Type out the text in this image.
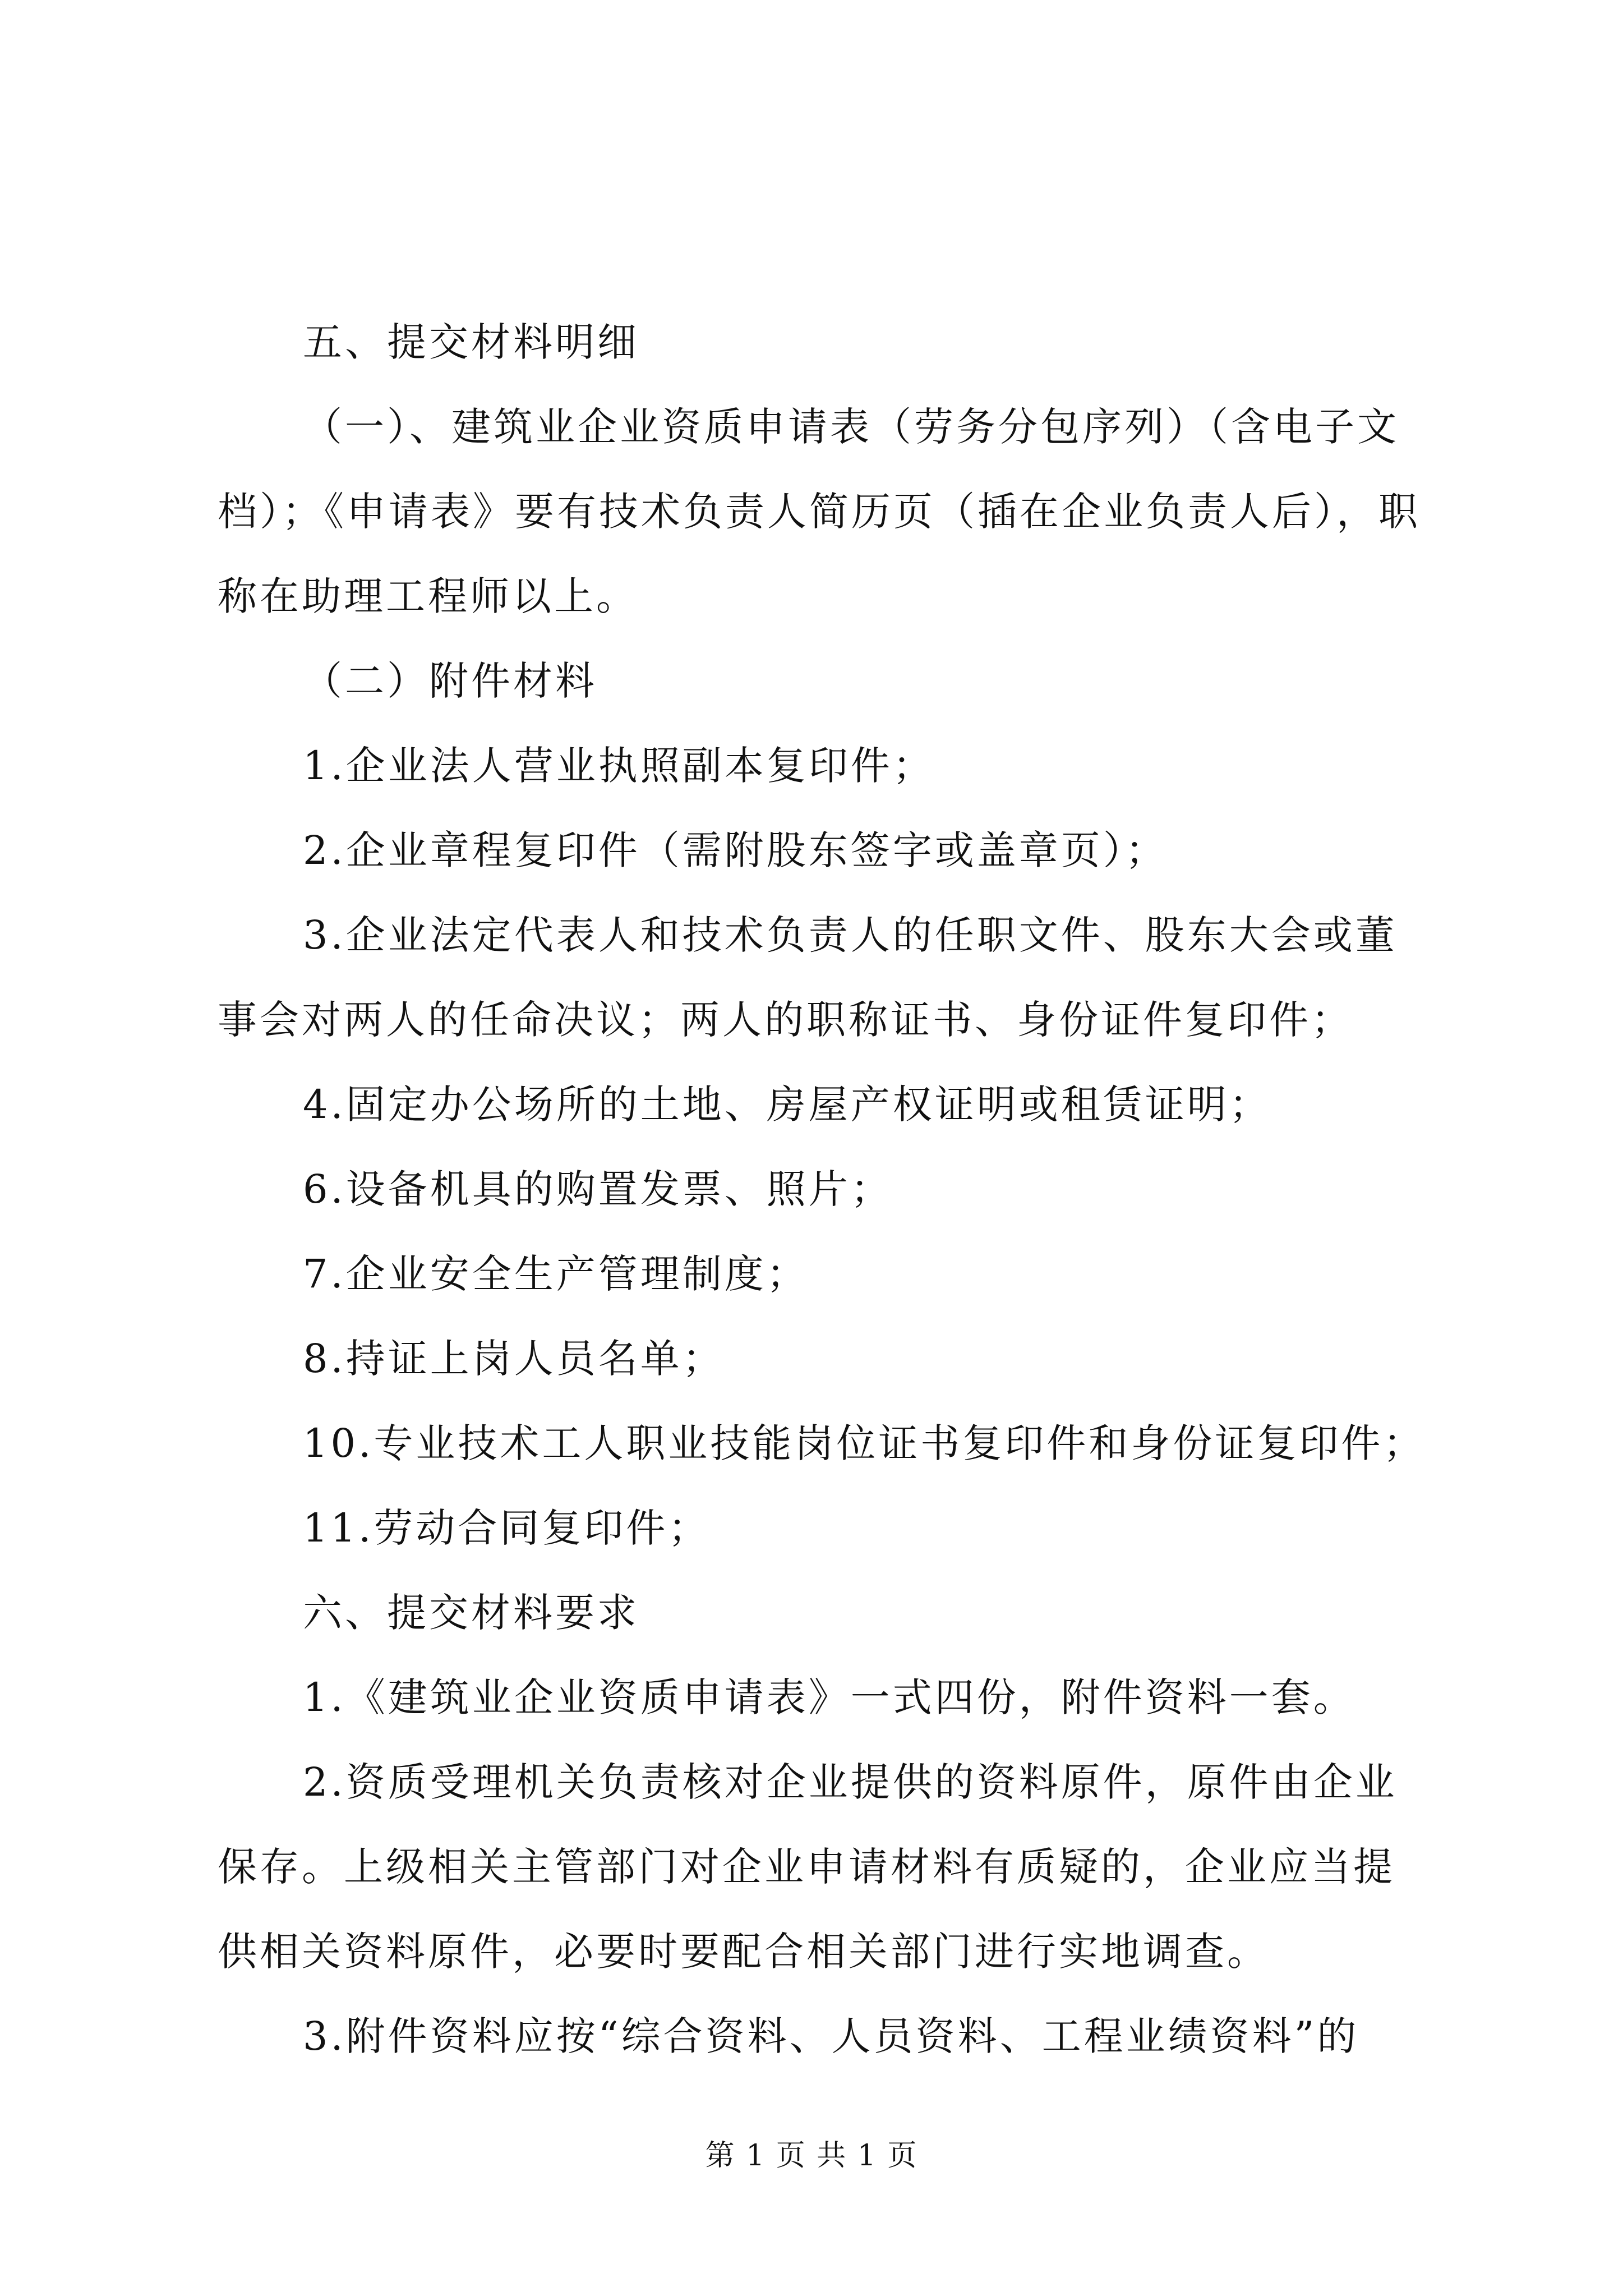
五、提交材料明细

（一）、建筑业企业资质申请表（劳务分包序列）（含电子文档）；《申请表》要有技术负责人简历页（插在企业负责人后），职称在助理工程师以上。

（二）附件材料

1.企业法人营业执照副本复印件；

2.企业章程复印件（需附股东签字或盖章页）；

3.企业法定代表人和技术负责人的任职文件、股东大会或董事会对两人的任命决议；两人的职称证书、身份证件复印件；

4.固定办公场所的土地、房屋产权证明或租赁证明；

6.设备机具的购置发票、照片；

7.企业安全生产管理制度；

8.持证上岗人员名单；

10.专业技术工人职业技能岗位证书复印件和身份证复印件；

11.劳动合同复印件；

六、提交材料要求

1.《建筑业企业资质申请表》一式四份，附件资料一套。

2.资质受理机关负责核对企业提供的资料原件，原件由企业保存。上级相关主管部门对企业申请材料有质疑的，企业应当提供相关资料原件，必要时要配合相关部门进行实地调查。

3.附件资料应按“综合资料、人员资料、工程业绩资料”的

第 1 页 共 1 页
